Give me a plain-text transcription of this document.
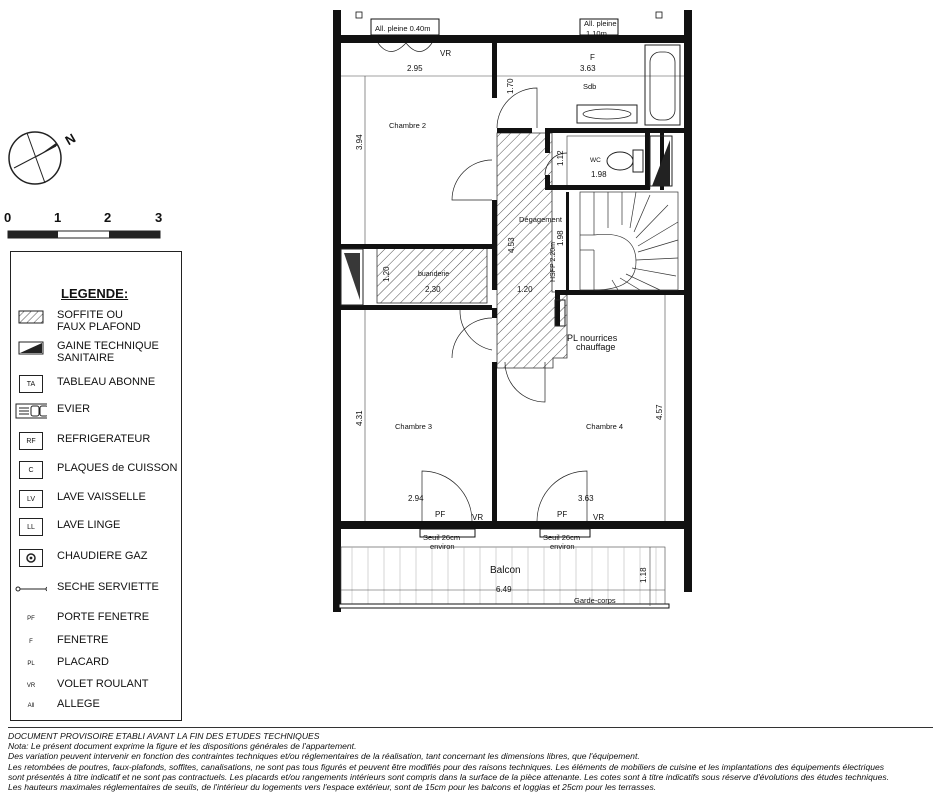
N
0	1	2	3
All. pleine 0.40m
All. pleine
1.10m
VR	F
Chambre 2
Sdb
WC
Dégagement
buanderie
Chambre 3	Chambre 4
Balcon
PL nourrices
chauffage
PF	VR	PF	VR
Seuil 26cm
environ
Seuil 26cm
environ
Garde-corps
HSFP 2.20m
2.95	3.63
1.70
3.94
1.12
1.98
4.53	1.98
1.20
2.30	1.20
4.31	4.57
2.94	3.63
6.49
1.18
LEGENDE:
SOFFITE OU
FAUX PLAFOND
GAINE TECHNIQUE
SANITAIRE
TA	TABLEAU ABONNE
EVIER
RF	REFRIGERATEUR
C	PLAQUES de CUISSON
LV	LAVE VAISSELLE
LL	LAVE LINGE
CHAUDIERE GAZ
SECHE SERVIETTE
PF	PORTE FENETRE
F	FENETRE
PL	PLACARD
VR	VOLET ROULANT
All	ALLEGE
DOCUMENT PROVISOIRE ETABLI AVANT LA FIN DES ETUDES TECHNIQUES
Nota: Le présent document exprime la figure et les dispositions générales de l'appartement.
Des variation peuvent intervenir en fonction des contraintes techniques et/ou réglementaires de la réalisation, tant concernant les dimensions libres, que l'équipement.
Les retombées de poutres, faux-plafonds, soffites, canalisations, ne sont pas tous figurés et peuvent être modifiés pour des raisons techniques. Les éléments de mobiliers de cuisine et les implantations des équipements électriques
sont présentés à titre indicatif et ne sont pas contractuels. Les placards et/ou rangements intérieurs sont compris dans la surface de la pièce attenante. Les cotes sont à titre indicatifs sous réserve d'évolutions des études techniques.
Les hauteurs maximales réglementaires de seuils, de l'intérieur du logements vers l'espace extérieur, sont de 15cm pour les balcons et loggias et 25cm pour les terrasses.
